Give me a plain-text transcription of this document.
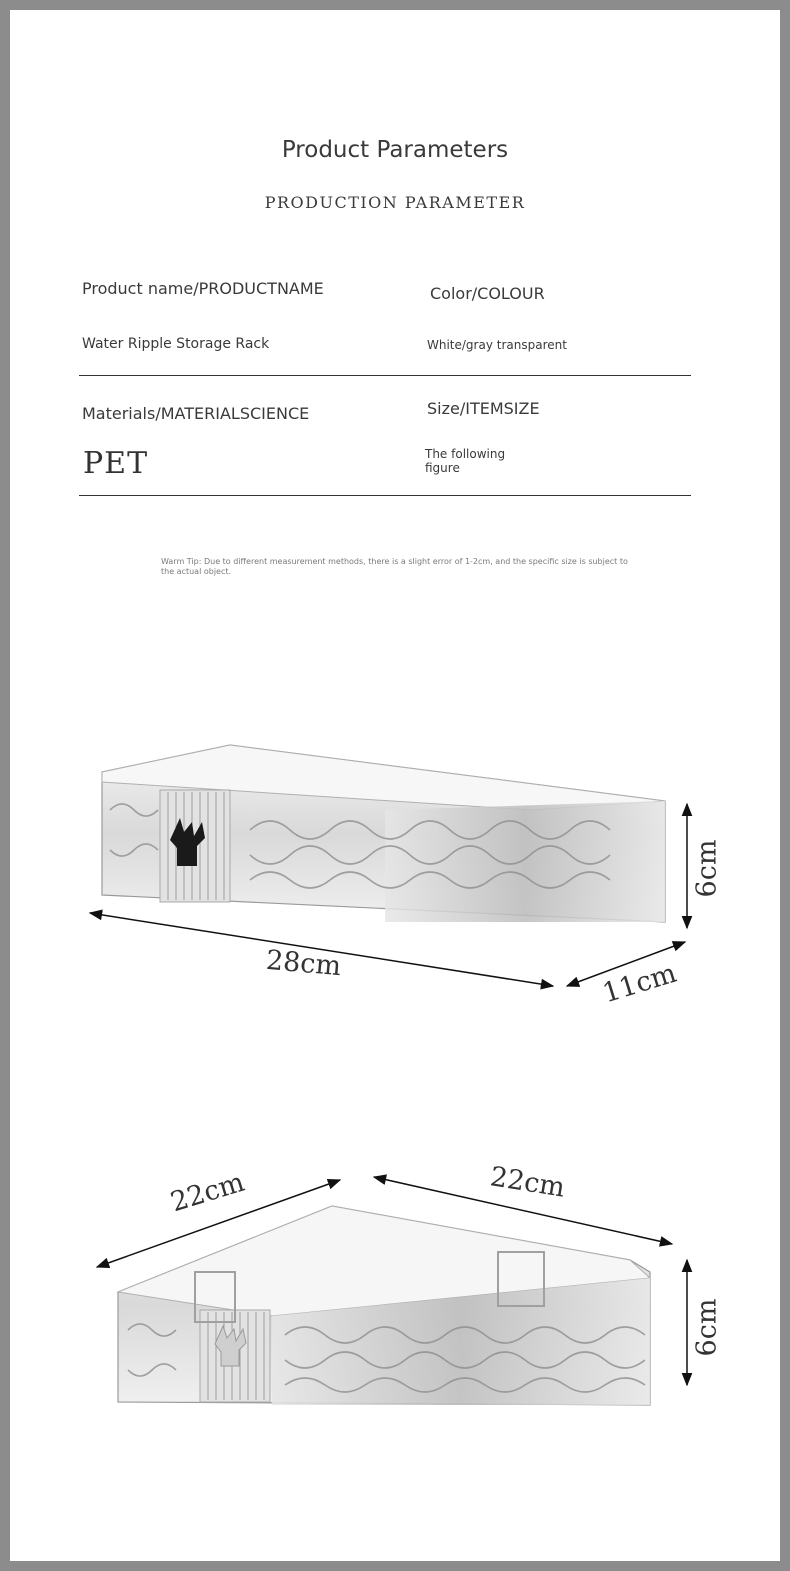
Product Parameters
PRODUCTION PARAMETER
Product name/PRODUCTNAME	Color/COLOUR
Water Ripple Storage Rack	White/gray transparent
Materials/MATERIALSCIENCE	Size/ITEMSIZE
PET	The following figure
Warm Tip: Due to different measurement methods, there is a slight error of 1-2cm, and the specific size is subject to the actual object.
28cm	11cm
6cm
22cm	22cm
6cm
